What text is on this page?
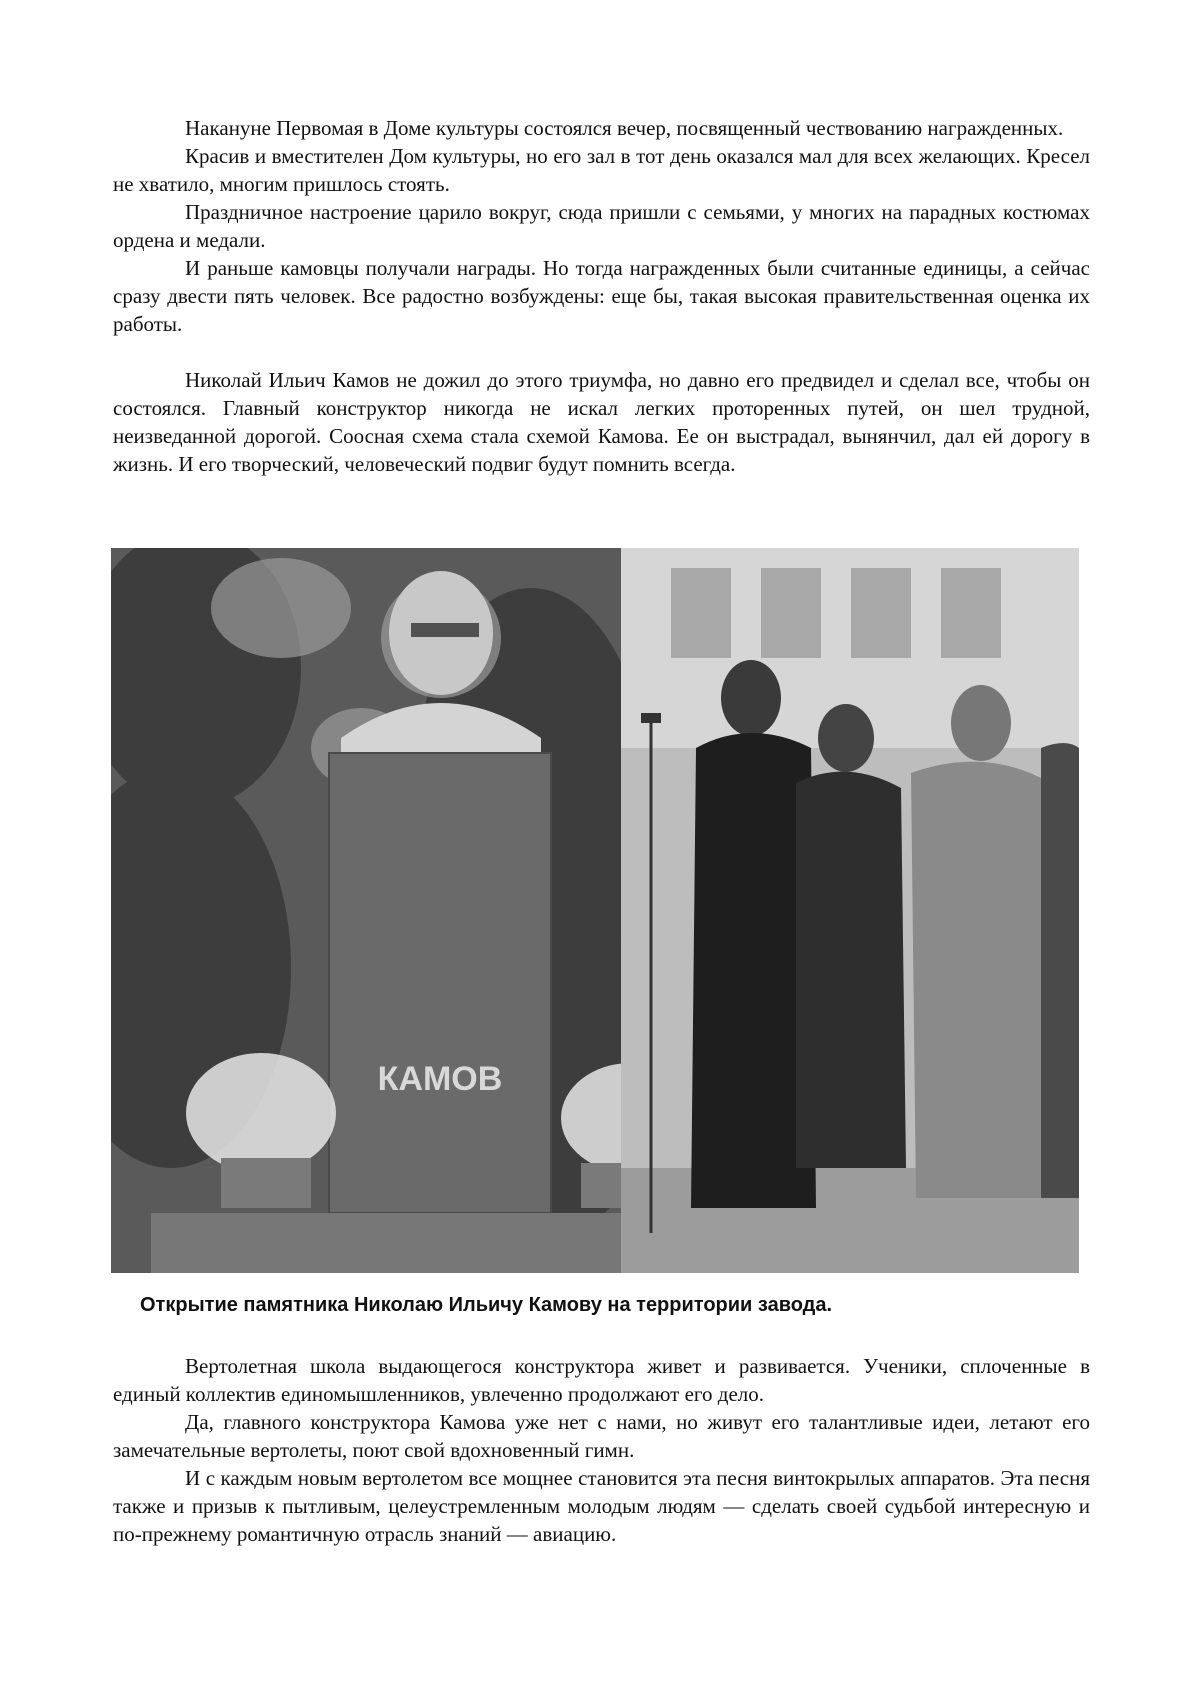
Накануне Первомая в Доме культуры состоялся вечер, посвященный чествованию награжденных.

Красив и вместителен Дом культуры, но его зал в тот день оказался мал для всех желающих. Кресел не хватило, многим пришлось стоять.

Праздничное настроение царило вокруг, сюда пришли с семьями, у многих на парадных костюмах ордена и медали.

И раньше камовцы получали награды. Но тогда награжденных были считанные единицы, а сейчас сразу двести пять человек. Все радостно возбуждены: еще бы, такая высокая правительственная оценка их работы.

Николай Ильич Камов не дожил до этого триумфа, но давно его предвидел и сделал все, чтобы он состоялся. Главный конструктор никогда не искал легких проторенных путей, он шел трудной, неизведанной дорогой. Соосная схема стала схемой Камова. Ее он выстрадал, вынянчил, дал ей дорогу в жизнь. И его творческий, человеческий подвиг будут помнить всегда.

КАМОВ
Открытие памятника Николаю Ильичу Камову на территории завода.

Вертолетная школа выдающегося конструктора живет и развивается. Ученики, сплоченные в единый коллектив единомышленников, увлеченно продолжают его дело.

Да, главного конструктора Камова уже нет с нами, но живут его талантливые идеи, летают его замечательные вертолеты, поют свой вдохновенный гимн.

И с каждым новым вертолетом все мощнее становится эта песня винтокрылых аппаратов. Эта песня также и призыв к пытливым, целеустремленным молодым людям — сделать своей судьбой интересную и по-прежнему романтичную отрасль знаний — авиацию.
